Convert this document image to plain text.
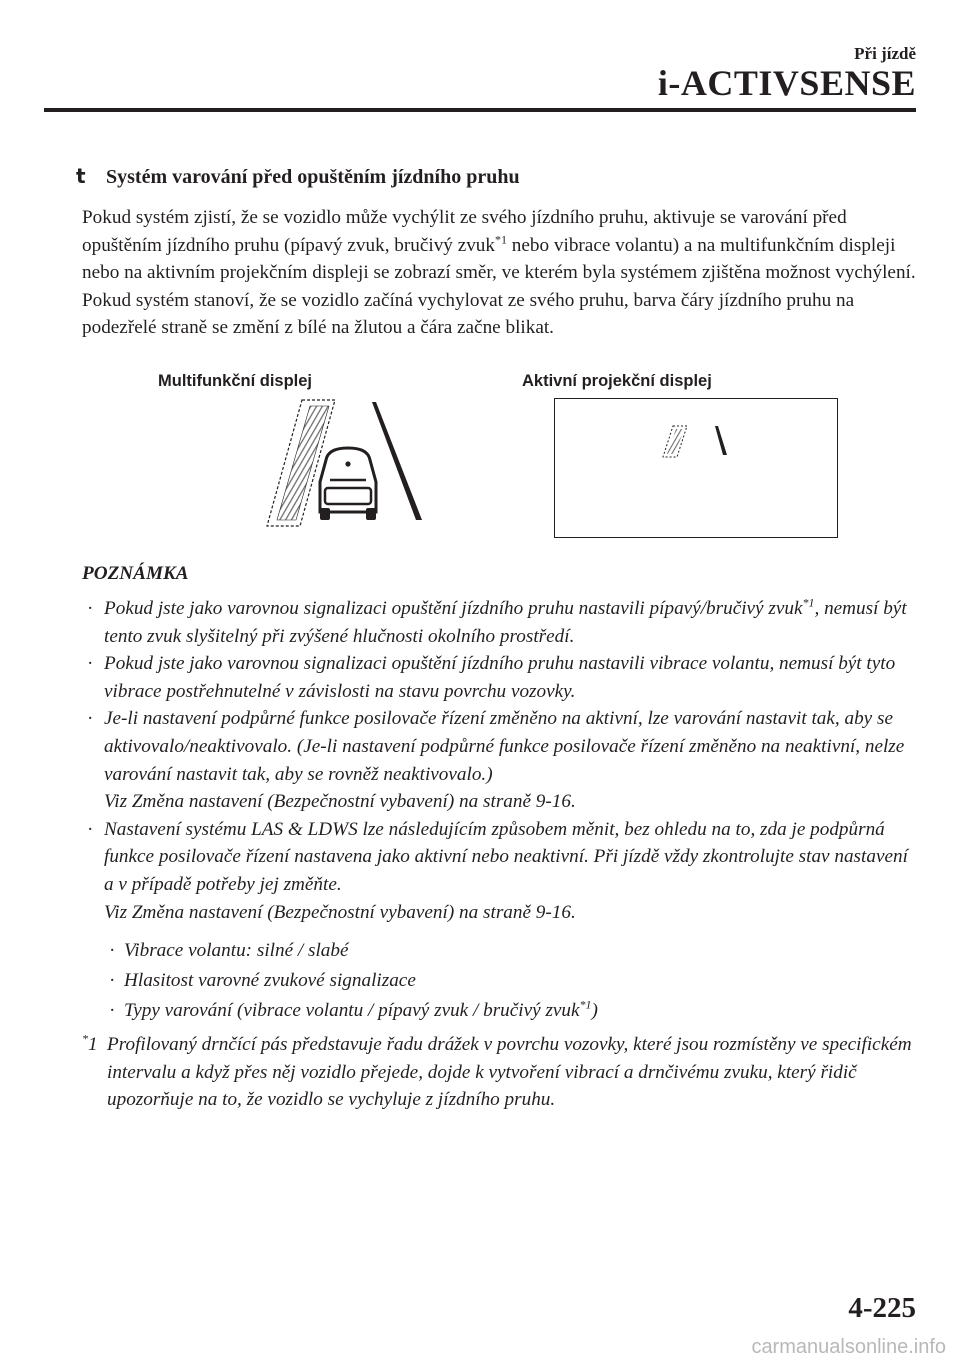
Při jízdě
i-ACTIVSENSE
t Systém varování před opuštěním jízdního pruhu

Pokud systém zjistí, že se vozidlo může vychýlit ze svého jízdního pruhu, aktivuje se varování před opuštěním jízdního pruhu (pípavý zvuk, bručivý zvuk$^{*1}$ nebo vibrace volantu) a na multifunkčním displeji nebo na aktivním projekčním displeji se zobrazí směr, ve kterém byla systémem zjištěna možnost vychýlení.

Pokud systém stanoví, že se vozidlo začíná vychylovat ze svého pruhu, barva čáry jízdního pruhu na podezřelé straně se změní z bílé na žlutou a čára začne blikat.

Multifunkční displej	Aktivní projekční displej
POZNÁMKA
· Pokud jste jako varovnou signalizaci opuštění jízdního pruhu nastavili pípavý/bručivý zvuk$^{*1}$, nemusí být tento zvuk slyšitelný při zvýšené hlučnosti okolního prostředí.
· Pokud jste jako varovnou signalizaci opuštění jízdního pruhu nastavili vibrace volantu, nemusí být tyto vibrace postřehnutelné v závislosti na stavu povrchu vozovky.
· Je-li nastavení podpůrné funkce posilovače řízení změněno na aktivní, lze varování nastavit tak, aby se aktivovalo/neaktivovalo. (Je-li nastavení podpůrné funkce posilovače řízení změněno na neaktivní, nelze varování nastavit tak, aby se rovněž neaktivovalo.)
Viz Změna nastavení (Bezpečnostní vybavení) na straně 9-16.
· Nastavení systému LAS & LDWS lze následujícím způsobem měnit, bez ohledu na to, zda je podpůrná funkce posilovače řízení nastavena jako aktivní nebo neaktivní. Při jízdě vždy zkontrolujte stav nastavení a v případě potřeby jej změňte.
Viz Změna nastavení (Bezpečnostní vybavení) na straně 9-16.
· Vibrace volantu: silné / slabé
· Hlasitost varovné zvukové signalizace
· Typy varování (vibrace volantu / pípavý zvuk / bručivý zvuk$^{*1}$)
*1 Profilovaný drnčící pás představuje řadu drážek v povrchu vozovky, které jsou rozmístěny ve specifickém intervalu a když přes něj vozidlo přejede, dojde k vytvoření vibrací a drnčivému zvuku, který řidič upozorňuje na to, že vozidlo se vychyluje z jízdního pruhu.
4-225
carmanualsonline.info
